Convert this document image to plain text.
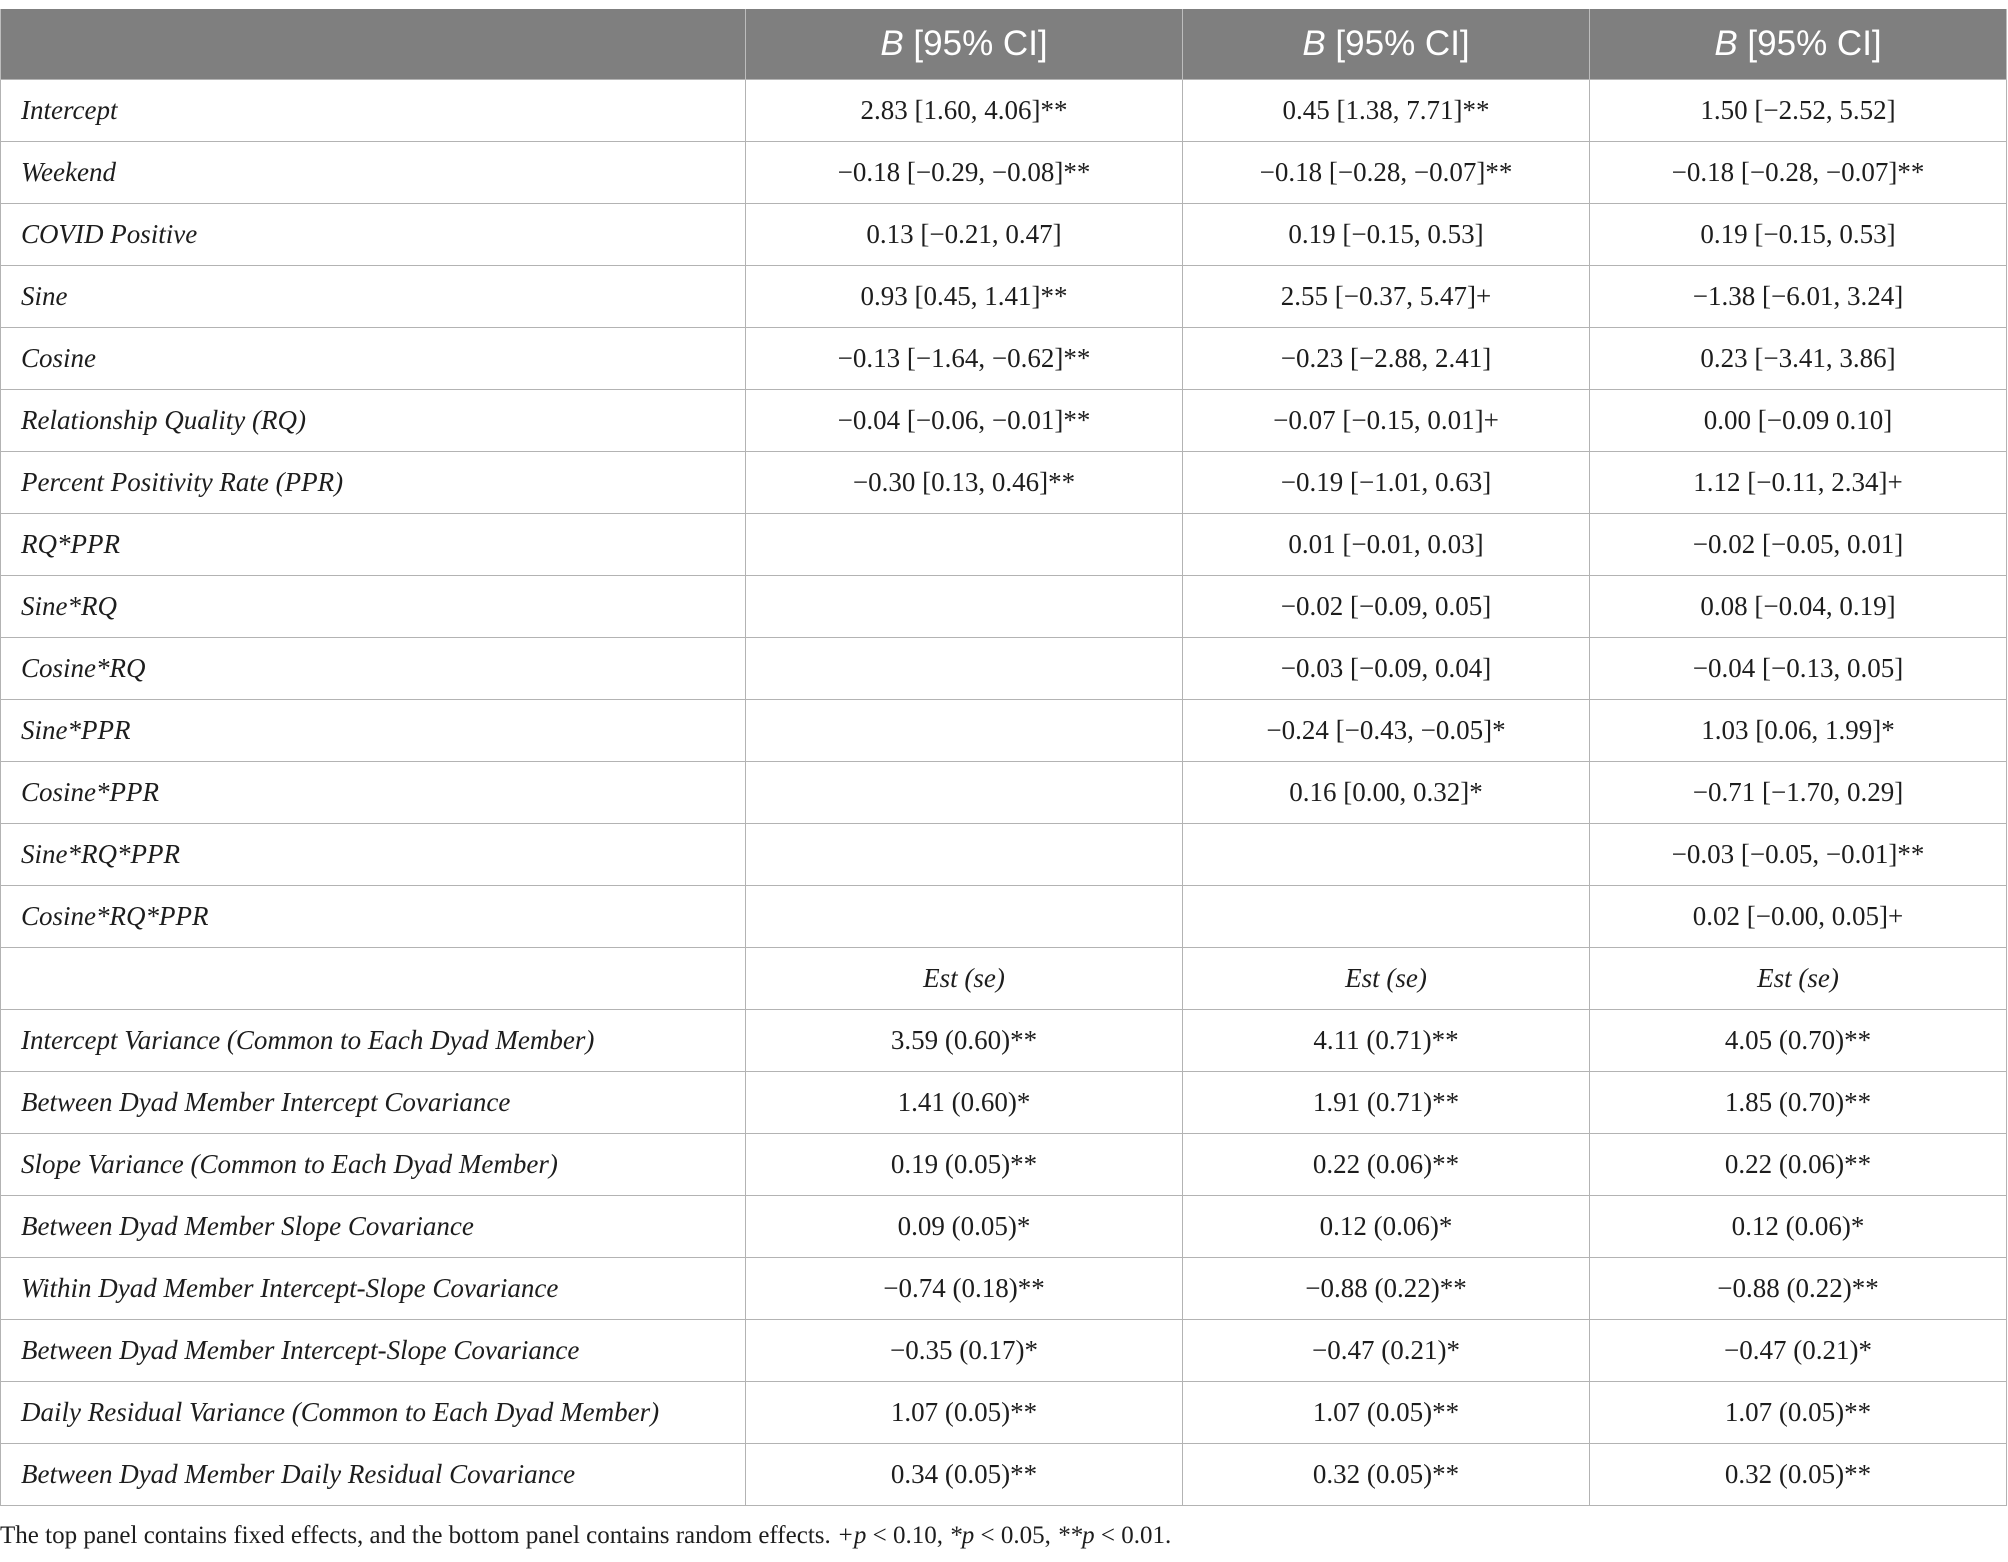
	B [95% CI]	B [95% CI]	B [95% CI]
Intercept	2.83 [1.60, 4.06]**	0.45 [1.38, 7.71]**	1.50 [−2.52, 5.52]
Weekend	−0.18 [−0.29, −0.08]**	−0.18 [−0.28, −0.07]**	−0.18 [−0.28, −0.07]**
COVID Positive	0.13 [−0.21, 0.47]	0.19 [−0.15, 0.53]	0.19 [−0.15, 0.53]
Sine	0.93 [0.45, 1.41]**	2.55 [−0.37, 5.47]+	−1.38 [−6.01, 3.24]
Cosine	−0.13 [−1.64, −0.62]**	−0.23 [−2.88, 2.41]	0.23 [−3.41, 3.86]
Relationship Quality (RQ)	−0.04 [−0.06, −0.01]**	−0.07 [−0.15, 0.01]+	0.00 [−0.09 0.10]
Percent Positivity Rate (PPR)	−0.30 [0.13, 0.46]**	−0.19 [−1.01, 0.63]	1.12 [−0.11, 2.34]+
RQ*PPR		0.01 [−0.01, 0.03]	−0.02 [−0.05, 0.01]
Sine*RQ		−0.02 [−0.09, 0.05]	0.08 [−0.04, 0.19]
Cosine*RQ		−0.03 [−0.09, 0.04]	−0.04 [−0.13, 0.05]
Sine*PPR		−0.24 [−0.43, −0.05]*	1.03 [0.06, 1.99]*
Cosine*PPR		0.16 [0.00, 0.32]*	−0.71 [−1.70, 0.29]
Sine*RQ*PPR			−0.03 [−0.05, −0.01]**
Cosine*RQ*PPR			0.02 [−0.00, 0.05]+
	Est (se)	Est (se)	Est (se)
Intercept Variance (Common to Each Dyad Member)	3.59 (0.60)**	4.11 (0.71)**	4.05 (0.70)**
Between Dyad Member Intercept Covariance	1.41 (0.60)*	1.91 (0.71)**	1.85 (0.70)**
Slope Variance (Common to Each Dyad Member)	0.19 (0.05)**	0.22 (0.06)**	0.22 (0.06)**
Between Dyad Member Slope Covariance	0.09 (0.05)*	0.12 (0.06)*	0.12 (0.06)*
Within Dyad Member Intercept-Slope Covariance	−0.74 (0.18)**	−0.88 (0.22)**	−0.88 (0.22)**
Between Dyad Member Intercept-Slope Covariance	−0.35 (0.17)*	−0.47 (0.21)*	−0.47 (0.21)*
Daily Residual Variance (Common to Each Dyad Member)	1.07 (0.05)**	1.07 (0.05)**	1.07 (0.05)**
Between Dyad Member Daily Residual Covariance	0.34 (0.05)**	0.32 (0.05)**	0.32 (0.05)**
The top panel contains fixed effects, and the bottom panel contains random effects. +p < 0.10, *p < 0.05, **p < 0.01.
